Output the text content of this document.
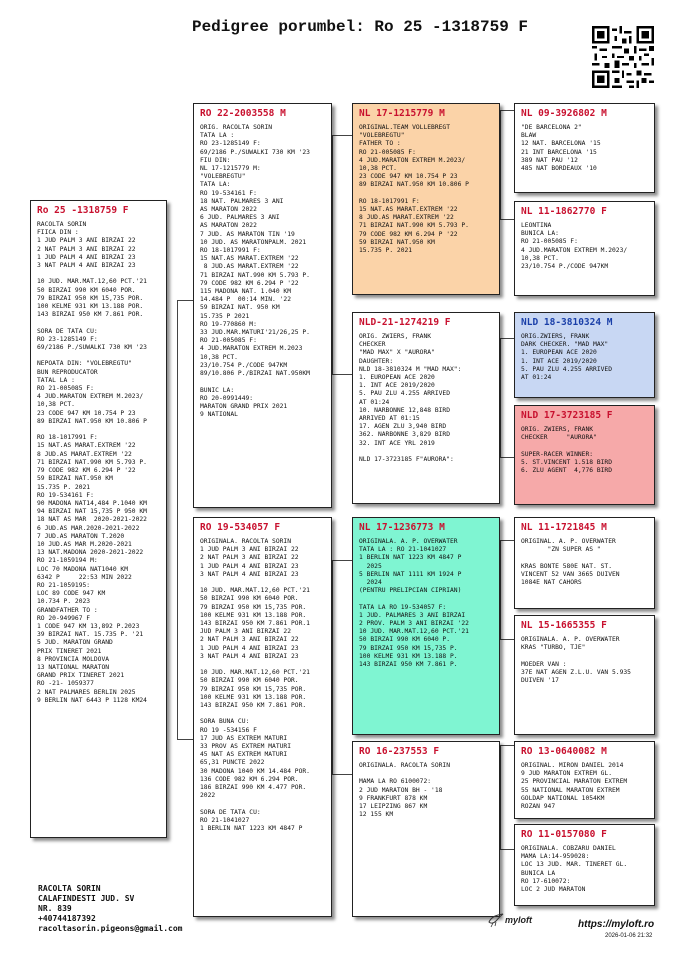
Pedigree porumbel: Ro 25 -1318759 F
Ro 25 -1318759 F
RACOLTA SORIN
FIICA DIN :
1 JUD PALM 3 ANI BIRZAI 22
2 NAT PALM 3 ANI BIRZAI 22
1 JUD PALM 4 ANI BIRZAI 23
3 NAT PALM 4 ANI BIRZAI 23

10 JUD. MAR.MAT.12,60 PCT.'21
50 BIRZAI 990 KM 6040 POR.
79 BIRZAI 950 KM 15,735 POR.
100 KELME 931 KM 13.188 POR.
143 BIRZAI 950 KM 7.861 POR.

SORA DE TATA CU:
RO 23-1285149 F:
69/2186 P./SUWALKI 730 KM '23

NEPOATA DIN: "VOLEBREGTU"
BUN REPRODUCATOR
TATAL LA :
RO 21-005085 F:
4 JUD.MARATON EXTREM M.2023/
10,38 PCT.
23 CODE 947 KM 10.754 P 23
89 BIRZAI NAT.950 KM 10.806 P

RO 18-1017991 F:
15 NAT.AS MARAT.EXTREM '22
8 JUD.AS MARAT.EXTREM '22
71 BIRZAI NAT.990 KM 5.793 P.
79 CODE 982 KM 6.294 P '22
59 BIRZAI NAT.950 KM
15.735 P. 2021
RO 19-534161 F:
90 MADONA NAT14,484 P.1040 KM
94 BIRZAI NAT 15,735 P 950 KM
18 NAT AS MAR  2020-2021-2022
6 JUD.AS MAR.2020-2021-2022
7 JUD.AS MARATON T.2020
10 JUD.AS MAR M.2020-2021
13 NAT.MADONA 2020-2021-2022
RO 21-1059194 M:
LOC 70 MADONA NAT1040 KM
6342 P     22:53 MIN 2022
RO 21-1059195:
LOC 89 CODE 947 KM
10.734 P. 2023
GRANDFATHER TO :
RO 20-949967 F
1 CODE 947 KM 13,892 P.2023
39 BIRZAI NAT. 15.735 P. '21
5 JUD. MARATON GRAND
PRIX TINERET 2021
8 PROVINCIA MOLDOVA
13 NATIONAL MARATON
GRAND PRIX TINERET 2021
RO -21- 1059377
2 NAT PALMARES BERLIN 2025
9 BERLIN NAT 6443 P 1128 KM24
RO 22-2003558 M
ORIG. RACOLTA SORIN
TATA LA :
RO 23-1285149 F:
69/2186 P./SUWALKI 730 KM '23
FIU DIN:
NL 17-1215779 M:
"VOLEBREGTU"
TATA LA:
RO 19-534161 F:
18 NAT. PALMARES 3 ANI
AS MARATON 2022
6 JUD. PALMARES 3 ANI
AS MARATON 2022
7 JUD. AS MARATON TIN '19
10 JUD. AS MARATONPALM. 2021
RO 18-1017991 F:
15 NAT.AS MARAT.EXTREM '22
8 JUD.AS MARAT.EXTREM '22
71 BIRZAI NAT.990 KM 5.793 P.
79 CODE 982 KM 6.294 P '22
115 MADONA NAT. 1.040 KM
14.484 P  00:14 MIN. '22
59 BIRZAI NAT. 950 KM
15.735 P 2021
RO 19-770860 M:
33 JUD.MAR.MATURI'21/26,25 P.
RO 21-005085 F:
4 JUD.MARATON EXTREM M.2023
10,38 PCT.
23/10.754 P./CODE 947KM
89/10.806 P./BIRZAI NAT.950KM

BUNIC LA:
RO 20-0991449:
MARATON GRAND PRIX 2021
9 NATIONAL
RO 19-534057 F
ORIGINALA. RACOLTA SORIN
1 JUD PALM 3 ANI BIRZAI 22
2 NAT PALM 3 ANI BIRZAI 22
1 JUD PALM 4 ANI BIRZAI 23
3 NAT PALM 4 ANI BIRZAI 23

10 JUD. MAR.MAT.12,60 PCT.'21
50 BIRZAI 990 KM 6040 POR.
79 BIRZAI 950 KM 15,735 POR.
100 KELME 931 KM 13.188 POR.
143 BIRZAI 950 KM 7.861 POR.1
JUD PALM 3 ANI BIRZAI 22
2 NAT PALM 3 ANI BIRZAI 22
1 JUD PALM 4 ANI BIRZAI 23
3 NAT PALM 4 ANI BIRZAI 23

10 JUD. MAR.MAT.12,60 PCT.'21
50 BIRZAI 990 KM 6040 POR.
79 BIRZAI 950 KM 15,735 POR.
100 KELME 931 KM 13.188 POR.
143 BIRZAI 950 KM 7.861 POR.

SORA BUNA CU:
RO 19 -534156 F
17 JUD AS EXTREM MATURI
33 PROV AS EXTREM MATURI
45 NAT AS EXTREM MATURI
65,31 PUNCTE 2022
30 MADONA 1040 KM 14.484 POR.
136 CODE 982 KM 6.294 POR.
186 BIRZAI 990 KM 4.477 POR.
2022

SORA DE TATA CU:
RO 21-1041027
1 BERLIN NAT 1223 KM 4847 P
NL 17-1215779 M
ORIGINAL.TEAM VOLLEBREGT
"VOLEBREGTU"
FATHER TO :
RO 21-005085 F:
4 JUD.MARATON EXTREM M.2023/
10,38 PCT.
23 CODE 947 KM 10.754 P 23
89 BIRZAI NAT.950 KM 10.806 P

RO 18-1017991 F:
15 NAT.AS MARAT.EXTREM '22
8 JUD.AS MARAT.EXTREM '22
71 BIRZAI NAT.990 KM 5.793 P.
79 CODE 982 KM 6.294 P '22
59 BIRZAI NAT.950 KM
15.735 P. 2021
NLD-21-1274219 F
ORIG. ZWIERS, FRANK
CHECKER
"MAD MAX" X "AURORA"
DAUGHTER:
NLD 18-3810324 M "MAD MAX":
1. EUROPEAN ACE 2020
1. INT ACE 2019/2020
5. PAU ZLU 4.255 ARRIVED
AT 01:24
10. NARBONNE 12,848 BIRD
ARRIVED AT 01:15
17. AGEN ZLU 3,940 BIRD
362. NARBONNE 3,829 BIRD
32. INT ACE YRL 2019

NLD 17-3723185 F"AURORA":
NL 17-1236773 M
ORIGINALA. A. P. OVERWATER
TATA LA : RO 21-1041027
1 BERLIN NAT 1223 KM 4847 P
2025
5 BERLIN NAT 1111 KM 1924 P
2024
(PENTRU PRELIPCIAN CIPRIAN)

TATA LA RO 19-534057 F:
1 JUD. PALMARES 3 ANI BIRZAI
2 PROV. PALM 3 ANI BIRZAI '22
10 JUD. MAR.MAT.12,60 PCT.'21
50 BIRZAI 990 KM 6040 P.
79 BIRZAI 950 KM 15,735 P.
100 KELME 931 KM 13.188 P.
143 BIRZAI 950 KM 7.861 P.
RO 16-237553 F
ORIGINALA. RACOLTA SORIN

MAMA LA RO 6100072:
2 JUD MARATON BH - '18
9 FRANKFURT 878 KM
17 LEIPZING 867 KM
12 155 KM
NL 09-3926802 M
"DE BARCELONA 2"
BLAW
12 NAT. BARCELONA '15
21 INT BARCELONA '15
389 NAT PAU '12
485 NAT BORDEAUX '10
NL 11-1862770 F
LEONTINA
BUNICA LA:
RO 21-005085 F:
4 JUD.MARATON EXTREM M.2023/
10,38 PCT.
23/10.754 P./CODE 947KM
NLD 18-3810324 M
ORIG.ZWIERS, FRANK
DARK CHECKER. "MAD MAX"
1. EUROPEAN ACE 2020
1. INT ACE 2019/2020
5. PAU ZLU 4.255 ARRIVED
AT 01:24
NLD 17-3723185 F
ORIG. ZWIERS, FRANK
CHECKER     "AURORA"

SUPER-RACER WINNER:
5. ST.VINCENT 1.518 BIRD
6. ZLU AGENT  4,776 BIRD
NL 11-1721845 M
ORIGINAL. A. P. OVERWATER
"ZN SUPER AS "

KRAS BONTE 580E NAT. ST.
VINCENT 52 VAN 3665 DUIVEN
1084E NAT CAHORS
NL 15-1665355 F
ORIGINALA. A. P. OVERWATER
KRAS "TURBO, TJE"

MOEDER VAN :
37E NAT AGEN Z.L.U. VAN 5.935
DUIVEN '17
RO 13-0640082 M
ORIGINAL. MIRON DANIEL 2014
9 JUD MARATON EXTREM GL.
25 PROVINCIAL MARATON EXTREM
55 NATIONAL MARATON EXTREM
GOLDAP NATIONAL 1054KM
ROZAN 947
RO 11-0157080 F
ORIGINALA. COBZARU DANIEL
MAMA LA:14-959028:
LOC 13 JUD. MAR. TINERET GL.
BUNICA LA
RO 17-610072:
LOC 2 JUD MARATON
RACOLTA SORIN
CALAFINDESTI JUD. SV
NR. 839
+40744187392
racoltasorin.pigeons@gmail.com
myloft	https://myloft.ro
2026-01-06 21:32
